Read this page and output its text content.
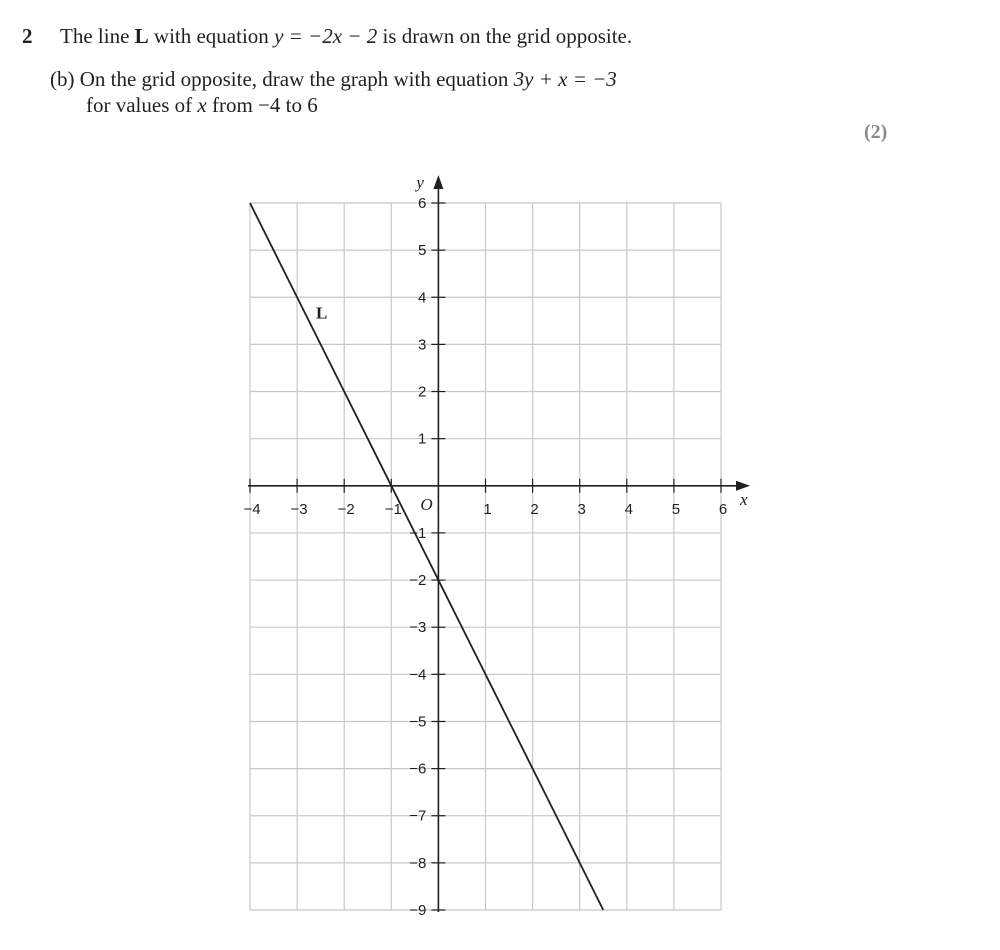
2 The line L with equation y = −2x − 2 is drawn on the grid opposite.
(b) On the grid opposite, draw the graph with equation 3y + x = −3
for values of x from −4 to 6
(2)
−4 −3 −2 −1	1	2	3	4	5	6
6
5
4
3
2
1
−1
−2
−3
−4
−5
−6
−7
−8
−9
x
y
O
L
